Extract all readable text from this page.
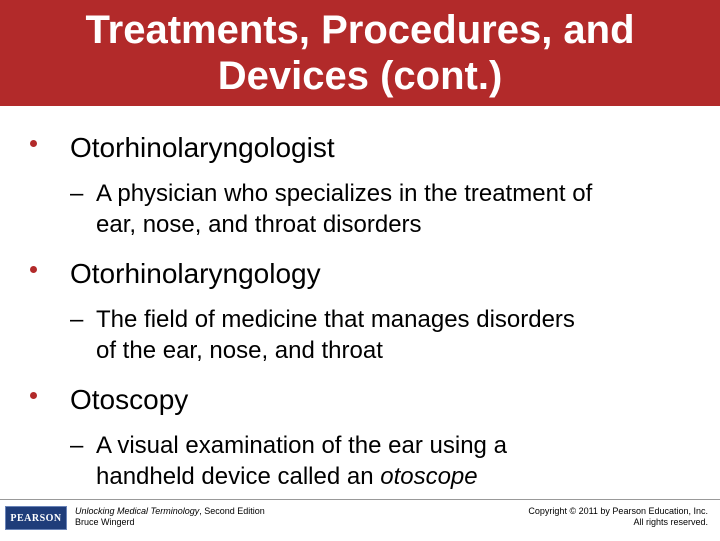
Treatments, Procedures, and
Devices (cont.)

Otorhinolaryngologist

– A physician who specializes in the treatment of
ear, nose, and throat disorders

Otorhinolaryngology

– The field of medicine that manages disorders
of the ear, nose, and throat

Otoscopy

– A visual examination of the ear using a
handheld device called an otoscope
PEARSON
Unlocking Medical Terminology, Second Edition
Bruce Wingerd
Copyright © 2011 by Pearson Education, Inc.
All rights reserved.
